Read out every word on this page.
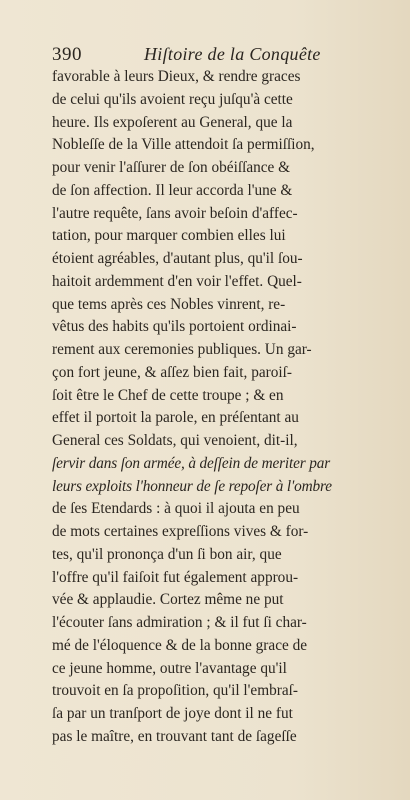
390	Hiſtoire de la Conquête
favorable à leurs Dieux, & rendre graces
de celui qu'ils avoient reçu juſqu'à cette
heure. Ils expoſerent au General, que la
Nobleſſe de la Ville attendoit ſa permiſſion,
pour venir l'aſſurer de ſon obéiſſance &
de ſon affection. Il leur accorda l'une &
l'autre requête, ſans avoir beſoin d'affec-
tation, pour marquer combien elles lui
étoient agréables, d'autant plus, qu'il ſou-
haitoit ardemment d'en voir l'effet. Quel-
que tems après ces Nobles vinrent, re-
vêtus des habits qu'ils portoient ordinai-
rement aux ceremonies publiques. Un gar-
çon fort jeune, & aſſez bien fait, paroiſ-
ſoit être le Chef de cette troupe ; & en
effet il portoit la parole, en préſentant au
General ces Soldats, qui venoient, dit-il,
ſervir dans ſon armée, à deſſein de meriter par
leurs exploits l'honneur de ſe repoſer à l'ombre
de ſes Etendards : à quoi il ajouta en peu
de mots certaines expreſſions vives & for-
tes, qu'il prononça d'un ſi bon air, que
l'offre qu'il faiſoit fut également approu-
vée & applaudie. Cortez même ne put
l'écouter ſans admiration ; & il fut ſi char-
mé de l'éloquence & de la bonne grace de
ce jeune homme, outre l'avantage qu'il
trouvoit en ſa propoſition, qu'il l'embraſ-
ſa par un tranſport de joye dont il ne fut
pas le maître, en trouvant tant de ſageſſe
